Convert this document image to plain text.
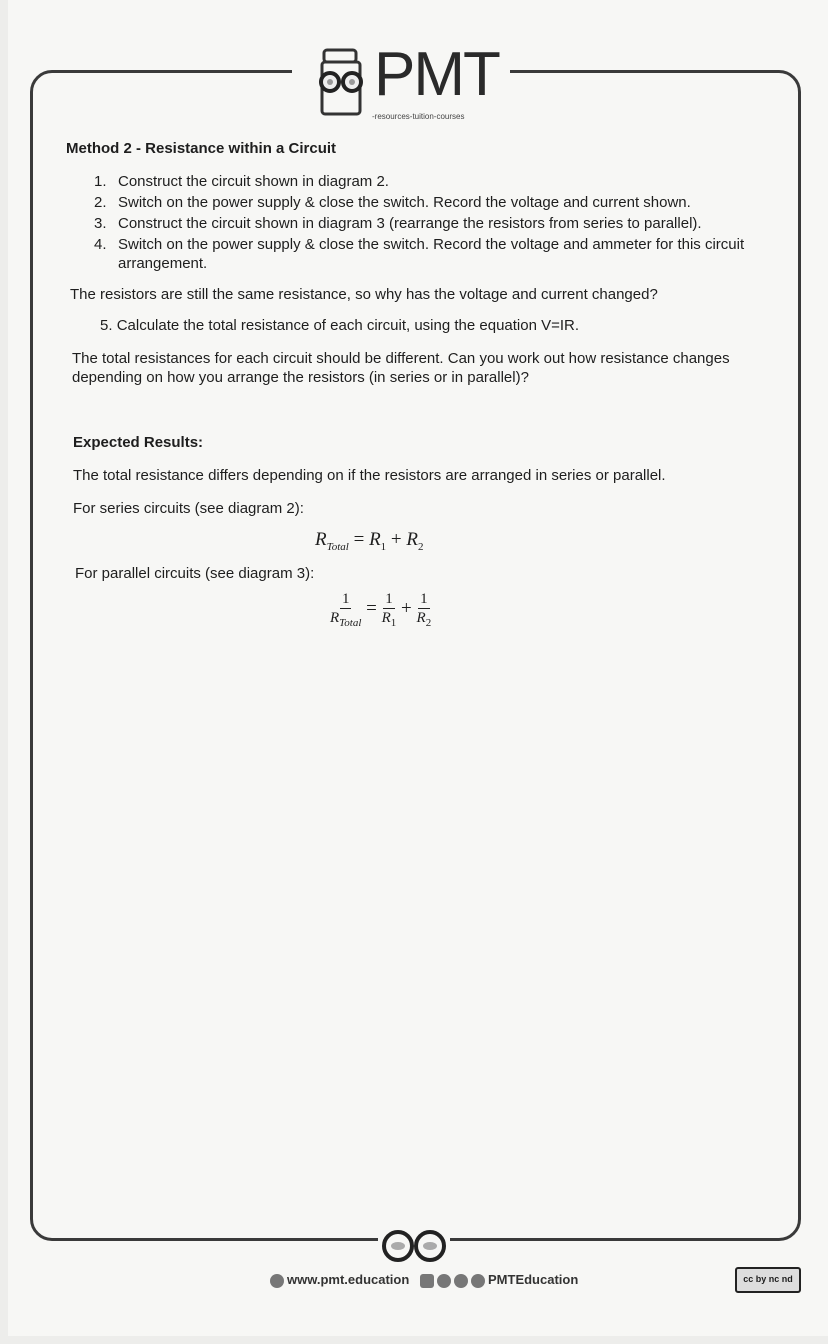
PMT
-resources-tuition-courses
Method 2 - Resistance within a Circuit
1. Construct the circuit shown in diagram 2.
2. Switch on the power supply & close the switch. Record the voltage and current shown.
3. Construct the circuit shown in diagram 3 (rearrange the resistors from series to parallel).
4. Switch on the power supply & close the switch. Record the voltage and ammeter for this circuit arrangement.
The resistors are still the same resistance, so why has the voltage and current changed?
5. Calculate the total resistance of each circuit, using the equation V=IR.
The total resistances for each circuit should be different. Can you work out how resistance changes depending on how you arrange the resistors (in series or in parallel)?
Expected Results:
The total resistance differs depending on if the resistors are arranged in series or parallel.
For series circuits (see diagram 2):
$R_{Total} = R_1 + R_2$
For parallel circuits (see diagram 3):
$\frac{1}{R_{Total}} = \frac{1}{R_1} + \frac{1}{R_2}$
www.pmt.education	PMTEducation	cc by nc nd
